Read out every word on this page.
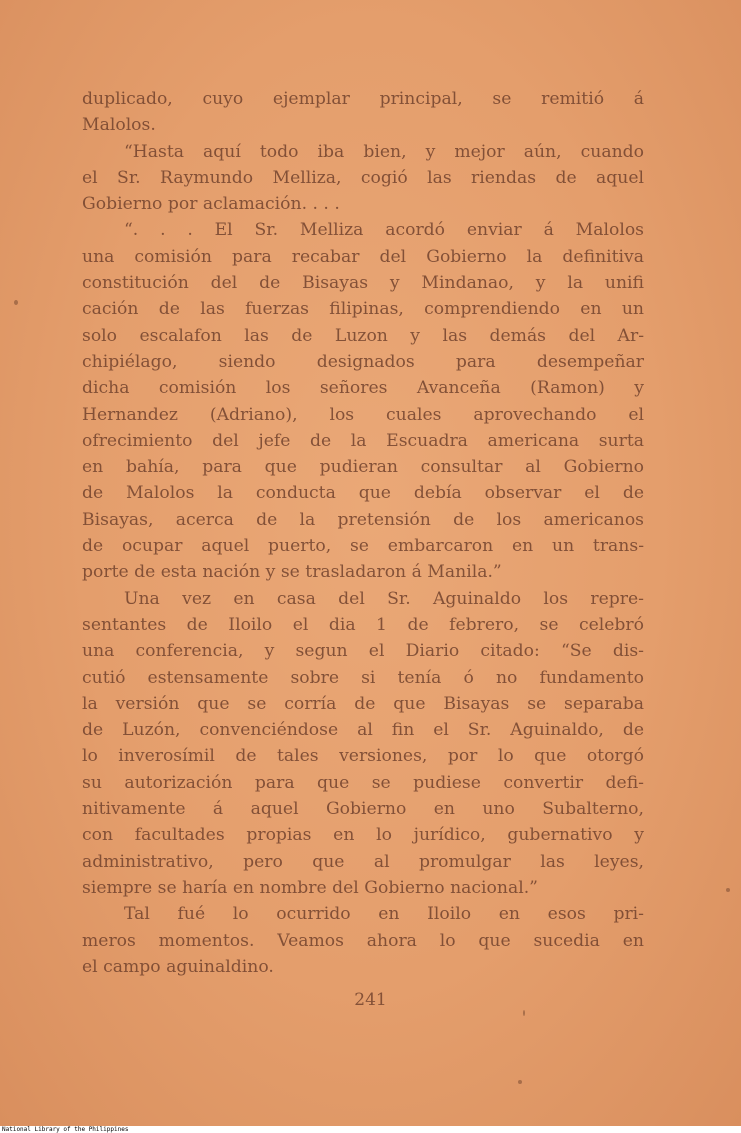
duplicado, cuyo ejemplar principal, se remitió á
Malolos.

“Hasta aquí todo iba bien, y mejor aún, cuando
el Sr. Raymundo Melliza, cogió las riendas de aquel
Gobierno por aclamación. . . .

“. . . El Sr. Melliza acordó enviar á Malolos
una comisión para recabar del Gobierno la definitiva
constitución del de Bisayas y Mindanao, y la unifi
cación de las fuerzas filipinas, comprendiendo en un
solo escalafon las de Luzon y las demás del Ar-
chipiélago, siendo designados para desempeñar
dicha comisión los señores Avanceña (Ramon) y
Hernandez (Adriano), los cuales aprovechando el
ofrecimiento del jefe de la Escuadra americana surta
en bahía, para que pudieran consultar al Gobierno
de Malolos la conducta que debía observar el de
Bisayas, acerca de la pretensión de los americanos
de ocupar aquel puerto, se embarcaron en un trans-
porte de esta nación y se trasladaron á Manila.”

Una vez en casa del Sr. Aguinaldo los repre-
sentantes de Iloilo el dia 1 de febrero, se celebró
una conferencia, y segun el Diario citado: “Se dis-
cutió estensamente sobre si tenía ó no fundamento
la versión que se corría de que Bisayas se separaba
de Luzón, convenciéndose al fin el Sr. Aguinaldo, de
lo inverosímil de tales versiones, por lo que otorgó
su autorización para que se pudiese convertir defi-
nitivamente á aquel Gobierno en uno Subalterno,
con facultades propias en lo jurídico, gubernativo y
administrativo, pero que al promulgar las leyes,
siempre se haría en nombre del Gobierno nacional.”

Tal fué lo ocurrido en Iloilo en esos pri-
meros momentos. Veamos ahora lo que sucedia en
el campo aguinaldino.

241
National Library of the Philippines
